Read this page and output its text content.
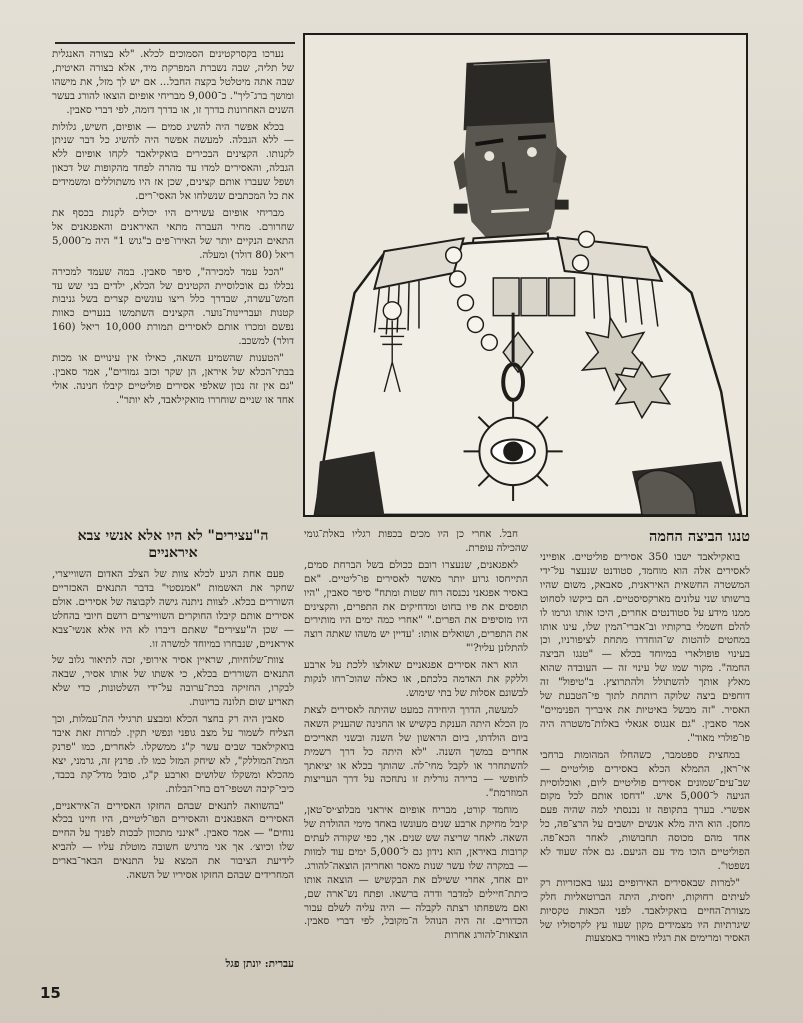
נערכו בקסרקטינים הסמוכים לכלא. "לא בצורה האנגלית של תליה, שבה נשברת המפרקת מיד, אלא בצורה האיטית, שבה אתה מיטלטל בקצה החבל... אם יש לך מזל, את מישהו ומושך ברג־ליך". כ־9,000 מבריחי אופיום הוצאו להורג בעשר השנים האחרונות בדרך זו, או בדרך דומה, לפי דברי סאבין.

בכלא אפשר היה להשיג סמים — אופיום, חשיש, גלולות — ללא הגבלה. למעשה אפשר היה להשיג כל דבר שניתן לקנותו. הקצינים הבכירים בואקילאבד לקחו אופיום ללא הגבלה, והאסירים למדו עד מהרה לפחד מהקופות של דכאון ושפל שעברו אותם קצינים, שכן אז היו משתוללים ומשמידים את כל המכתבים שנשלחו אל האסי־רים.

מבריחי אופיום עשירים היו יכולים לקנות בכסף את שחרורם. מחיר העברה מתאי האיראנים והאפגאנים אל התאים הנקיים יותר של האירו־פים ב"גוש 1" היה מ־5,000 ריאל (80 דולר) ומעלה.

"הכל עמד למכירה", סיפר סאבין. במה שעמד למכירה נכללו גם אוכלוסיית הקטינים של הכלא, ילדים בני שש עד חמש־עשרה, שבדרך כלל ריצו עונשים קצרים בשל גניבות קטנות ועבריינות־נוער. הקצינים השתמשו בנערים כאוות נפשם ומכרו אותם לאסירים תמורת 10,000 ריאל (160 דולר) למשכב.

"הטענות שהשמיע השאה, כאילו אין עינויים או מכות בבתי־הכלא של איראן, הן שקר וכזב גמורים", אמר סאבין. "גם אין זה נכון שאלפי אסירים פוליטיים קיבלו חנינה. אולי אחד או שניים שוחררו מואקילאבד, לא יותר".

ה"עצירים" לא היו אלא אנשי צבא איראניים

פעם אחת הגיע לכלא צוות של הצלב האדום השווייצרי, שחקר את האשמות "אמנסטי" בדבר התנאים האכזריים השוררים בכלא. לצוות ניתנה גישה לקבוצה של אסירים. אולם אסירים אותם קיבלו החוקרים השווייצרים רושם חיובי בהחלט — שכן ה"עצירים" שאתם דיברו לא היו אלא אנשי־צבא איראניים, שנבחרו במיוחד למשרה זו.

צוות־שלוחיות, שראיין אסיר אירופי, זכה לתיאור גלוב של התנאים השוררים בכלא, כי אשתו של אותו אסיר, שבאה לבקרו, החזיקה בכת־ערובה על־ידי השלטונות, כדי שלא תאריע שום תלונה בדיונות.

סאבין היה רק בחצר הכלא ומבצע תרגילי הת־עמלות, וכך הצליח לשמור על מצב גופני ונפשי תקין. למרות זאת איבד בואקילאבד שבים עשר ק"ג ממשקלו. לאחרים, כמו "פרנק המת־המוללק", לא שיחק המזל כמו לו. פרנץ זה, גרמני, יצא מהכלא ומשקלו שלושים וארבע ק"ג, סובל מדל־קת בכבד, כיבי־קיבה ושטפי־דם בחי־הבלות.

"בהשוואה לתנאים שבהם החזקו האסירים ה־איראניים, האסירים האפגאנים והאסירים הפו־ליטיים, היו חיינו בכלא נוחים" — אמר סאבין. "אינני מתכוון לבכות לפניך על החיים שלו וכיוצ׳. אך אני מרגיש חשובה מוטלת עליו — להביא לידיעת הציבור את המצא על התנאים הבאר־בארים המחרידים שבהם החזקו אסיריו של השאה.

עברית: יונתן פגל

חבל. אחרי כן היו מכים בכפות רגליו באלת־גומי שהכילה עופרת.

לאפגאנים, שנעצרו רובם ככולם בשל הברחת סמים, התייחסו גרוע יותר מאשר לאסירים פו־ליטיים. "אם באסיר אפגאני נכנסה רוח שטות ומתח" סיפר סאבין, "היו תופסים את פיו בחוט ומדחיקים את התפרים, והקצינים היו מוסיפים את הפרים." "אחרי כמה ימים היו מותירים את התפרים, ושואלים אותו: 'עדיין יש משהו שאתה רוצה להתלונן עליו?'"

הוא ראה אסירים אפגאניים שאולצו ללכת על ארבע וללקק את האדמה בלכתם, או כאלה שהוכ־רחו לנקות לבשונם אסלות של בתי שימוש.

למעשה, הדרך היחידה כמעט שהיתה לאסירים לצאת מן הכלא היתה הענקת בקשיש או החנינה שהעניק השאה ביום הולדתו, ביום הראשון של השנה ובשני תאריכים אחרים במשך השנה. "לא היתה כל דרך רשמית להשתחרר או לקבל מחי־לה. שהותך בכלא או יציאתך לחופשי — ברירה גורלית זו נתחכה על דרך העריצות המוזרמת".

מוחמד קורט, מבריח אופיום איראני מבלוצ׳יס־טאן, קיבל מחיקת ארבע שנים מעונשו באחד מימי ההולדת של השאה. לאחר שריצה שש שנים. אך, כפי שקורה לעתים קרובות באיראן, הוא נידון גם ל־5,000 ימים עוד למוות — במקרה שלו עשר שנות מאסר ואחריהן הוצאה־להורג. יום אחד, אחרי ששילם את הבקשיש — הוצאה אותו כיתת־חיילים למדבר ודרה ברשאו. ופתח נש־ארה שם, ואם משפחתו רצתה לקבלה — היה עליה לשלם עבור הכדורים. זה היה הנוהל ה־מקובל, לפי דברי סאבין. הוצאות־להורג אחרות

טנגו הביצה החמה

בואקילאבד ישבו 350 אסירים פוליטיים. אופייני לאסירים אלה הוא מוחמד, סטודנט שנעצר על־ידי המשטרה החשאית האיראנית, סאבאק, משום שהיו ברשותו שני עלונים מארקסיסטיים. הם ביקשו לסחוט ממנו מידע על סטודנטים אחרים, היכו אותו וגרמו לו להלם חשמלי ברקותיו וב־אברי־המין שלו, עינו אותו במחטים לוהטות ש־הוחדרו מתחת לציפורניו, וכן בעינוי פופולארי במיוחד בכלא — "טנגו הביצה החמה". מקור שמו של עינוי זה — העובדה שהוא מאלץ אותך להשתולל ולהתרוצץ. ב"טיפול" זה דוחפים ביצה שלוקה רותחת לתוך פי־הטבעת של האסיר. "זה מבשל באיטיות את איבריך הפנימיים" אמר סאבין. "גם אנגוס אגאלי באלות־משטרה היה פו־פולרי מאוד".

במחצית ספטמבר, כשהחלו המהומות ברחבי אי־ראן, התמלא הכלא באסירים פוליטיים — שב־עים־שמונים אסירים פוליטיים ליום, ואוכלוסיית הגיעה ל־5,000 איש. "דחסו אותם לכל מקום אפשרי. בערך בתקופה זו נכנסתי למה שהיה פעם מחסן. הוא היה מלא אנשים יושבים על הרצ־פה, כל אחד מהם מכוסה תחבושות, לאחר הכא־פה. הפוליטיים הוכו מיד עם הגיעם. גם אלה שעוד לא נשפטו".

"למרות שבאסירים האירופיים נגעו באכזריות רק לעיתים רחוקות, יחסית, היתה הברוטאליות חלק מצורת־החיים בואקילאבד. לפני הכאות טקסיות שיגרתיות היו מצמידים מקון שעוו עץ לקרסוליו של האסיר ומרימים את רגליו באוויר באמצעות

15
